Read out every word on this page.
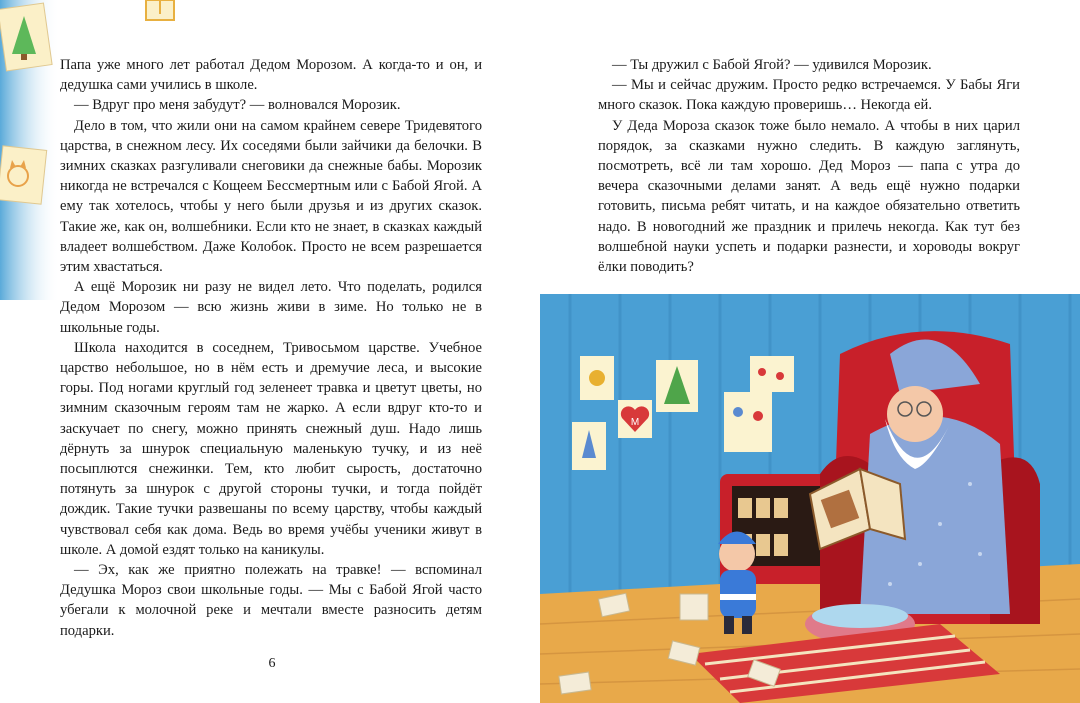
Папа уже много лет работал Дедом Морозом. А когда-то и он, и дедушка сами учились в школе.

— Вдруг про меня забудут? — волновался Морозик.

Дело в том, что жили они на самом крайнем севере Тридевятого царства, в снежном лесу. Их соседями были зайчики да белочки. В зимних сказках разгуливали снеговики да снежные бабы. Морозик никогда не встречался с Кощеем Бессмертным или с Бабой Ягой. А ему так хотелось, чтобы у него были друзья и из других сказок. Такие же, как он, волшебники. Если кто не знает, в сказках каждый владеет волшебством. Даже Колобок. Просто не всем разрешается этим хвастаться.

А ещё Морозик ни разу не видел лето. Что поделать, родился Дедом Морозом — всю жизнь живи в зиме. Но только не в школьные годы.

Школа находится в соседнем, Тривосьмом царстве. Учебное царство небольшое, но в нём есть и дремучие леса, и высокие горы. Под ногами круглый год зеленеет травка и цветут цветы, но зимним сказочным героям там не жарко. А если вдруг кто-то и заскучает по снегу, можно принять снежный душ. Надо лишь дёрнуть за шнурок специальную маленькую тучку, и из неё посыплются снежинки. Тем, кто любит сырость, достаточно потянуть за шнурок с другой стороны тучки, и тогда пойдёт дождик. Такие тучки развешаны по всему царству, чтобы каждый чувствовал себя как дома. Ведь во время учёбы ученики живут в школе. А домой ездят только на каникулы.

— Эх, как же приятно полежать на травке! — вспоминал Дедушка Мороз свои школьные годы. — Мы с Бабой Ягой часто убегали к молочной реке и мечтали вместе разносить детям подарки.

6

— Ты дружил с Бабой Ягой? — удивился Морозик.

— Мы и сейчас дружим. Просто редко встречаемся. У Бабы Яги много сказок. Пока каждую проверишь… Некогда ей.

У Деда Мороза сказок тоже было немало. А чтобы в них царил порядок, за сказками нужно следить. В каждую заглянуть, посмотреть, всё ли там хорошо. Дед Мороз — папа с утра до вечера сказочными делами занят. А ведь ещё нужно подарки готовить, письма ребят читать, и на каждое обязательно ответить надо. В новогодний же праздник и прилечь некогда. Как тут без волшебной науки успеть и подарки разнести, и хороводы вокруг ёлки поводить?

M
